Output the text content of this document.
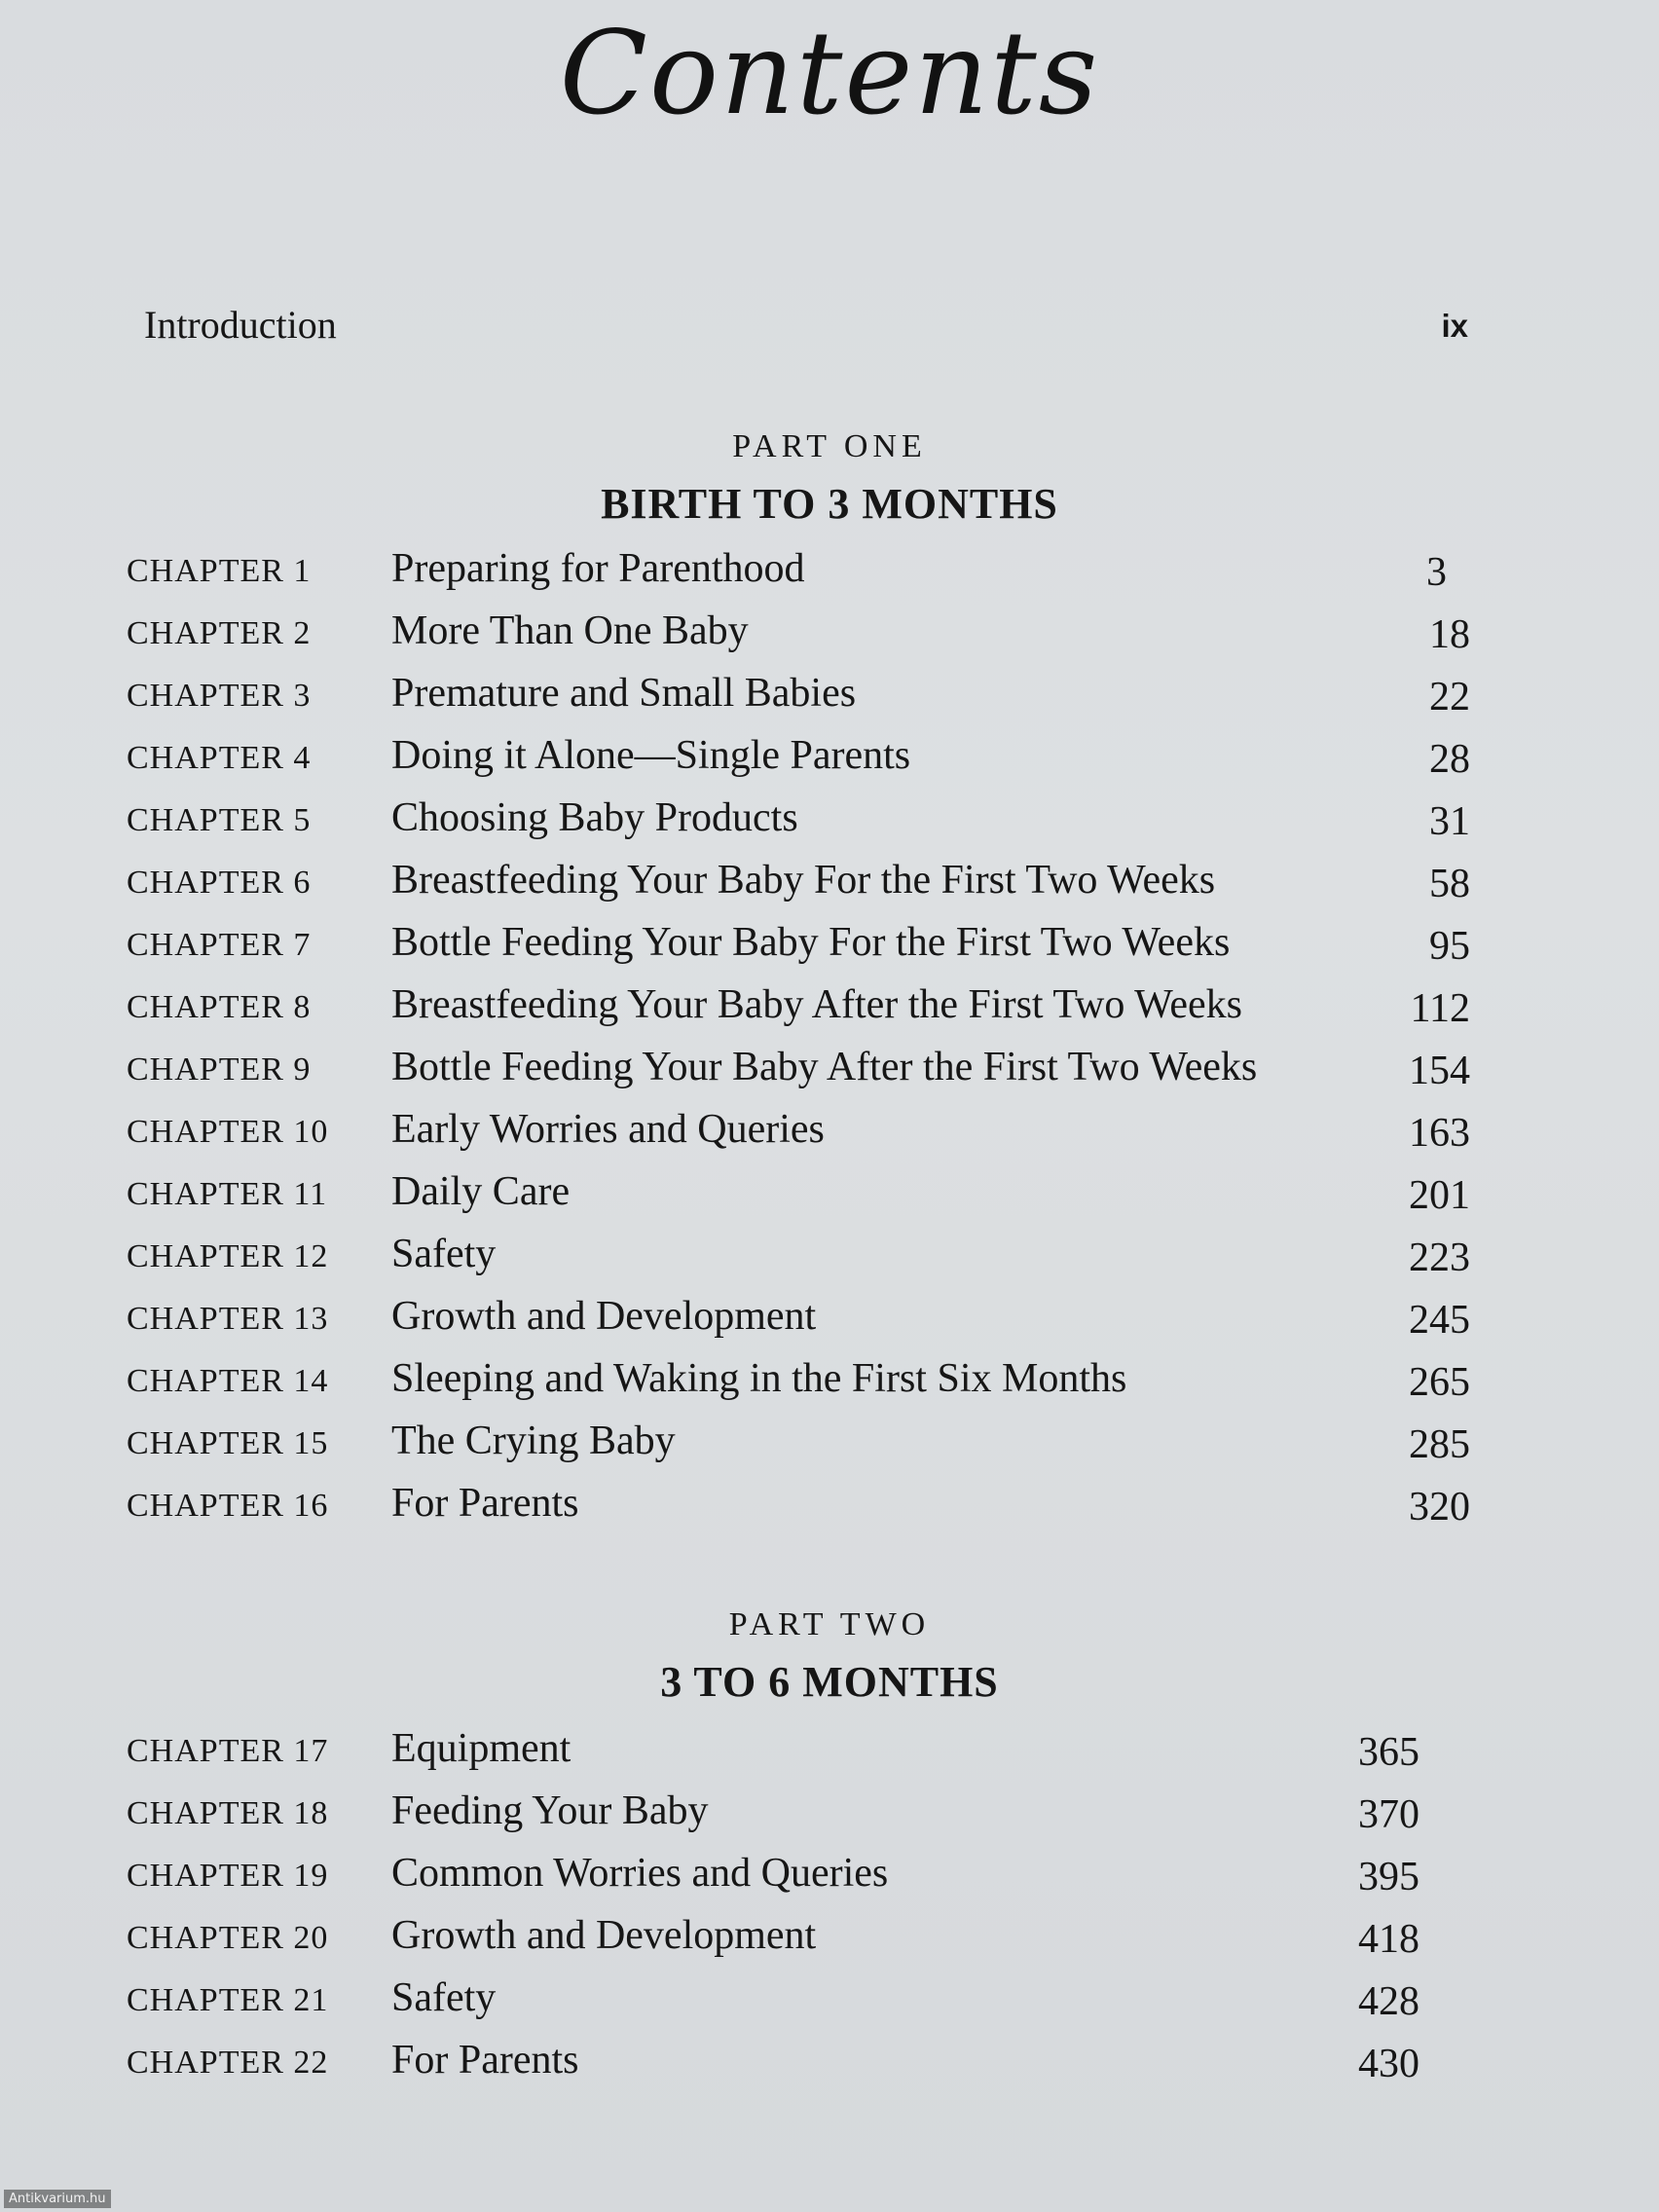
Contents
Introduction	ix
PART ONE
BIRTH TO 3 MONTHS
CHAPTER 1 Preparing for Parenthood	3
CHAPTER 2 More Than One Baby	18
CHAPTER 3 Premature and Small Babies	22
CHAPTER 4 Doing it Alone—Single Parents	28
CHAPTER 5 Choosing Baby Products	31
CHAPTER 6 Breastfeeding Your Baby For the First Two Weeks	58
CHAPTER 7 Bottle Feeding Your Baby For the First Two Weeks	95
CHAPTER 8 Breastfeeding Your Baby After the First Two Weeks	112
CHAPTER 9 Bottle Feeding Your Baby After the First Two Weeks	154
CHAPTER 10 Early Worries and Queries	163
CHAPTER 11 Daily Care	201
CHAPTER 12 Safety	223
CHAPTER 13 Growth and Development	245
CHAPTER 14 Sleeping and Waking in the First Six Months	265
CHAPTER 15 The Crying Baby	285
CHAPTER 16 For Parents	320
PART TWO
3 TO 6 MONTHS
CHAPTER 17 Equipment	365
CHAPTER 18 Feeding Your Baby	370
CHAPTER 19 Common Worries and Queries	395
CHAPTER 20 Growth and Development	418
CHAPTER 21 Safety	428
CHAPTER 22 For Parents	430
Antikvarium.hu
